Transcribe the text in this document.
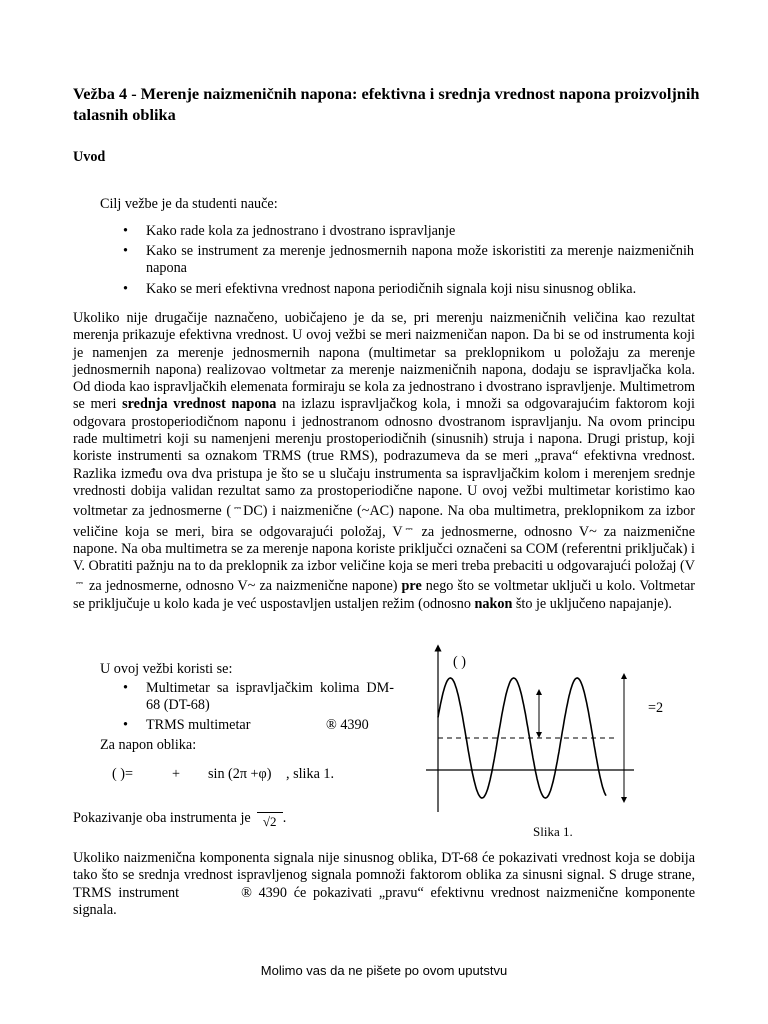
Vežba 4 - Merenje naizmeničnih napona: efektivna i srednja vrednost napona proizvoljnih talasnih oblika
Uvod
Cilj vežbe je da studenti nauče:
• Kako rade kola za jednostrano i dvostrano ispravljanje
• Kako se instrument za merenje jednosmernih napona može iskoristiti za merenje naizmeničnih napona
• Kako se meri efektivna vrednost napona periodičnih signala koji nisu sinusnog oblika.
Ukoliko nije drugačije naznačeno, uobičajeno je da se, pri merenju naizmeničnih veličina kao rezultat merenja prikazuje efektivna vrednost. U ovoj vežbi se meri naizmeničan napon. Da bi se od instrumenta koji je namenjen za merenje jednosmernih napona (multimetar sa preklopnikom u položaju za merenje jednosmernih napona) realizovao voltmetar za merenje naizmeničnih napona, dodaju se ispravljačka kola. Od dioda kao ispravljačkih elemenata formiraju se kola za jednostrano i dvostrano ispravljenje. Multimetrom se meri srednja vrednost napona na izlazu ispravljačkog kola, i množi sa odgovarajućim faktorom koji odgovara prostoperiodičnom naponu i jednostranom odnosno dvostranom ispravljanju. Na ovom principu rade multimetri koji su namenjeni merenju prostoperiodičnih (sinusnih) struja i napona. Drugi pristup, koji koriste instrumenti sa oznakom TRMS (true RMS), podrazumeva da se meri „prava“ efektivna vrednost. Razlika između ova dva pristupa je što se u slučaju instrumenta sa ispravljačkim kolom i merenjem srednje vrednosti dobija validan rezultat samo za prostoperiodične napone. U ovoj vežbi multimetar koristimo kao voltmetar za jednosmerne ( ⎓ DC) i naizmenične (~AC) napone. Na oba multimetra, preklopnikom za izbor veličine koja se meri, bira se odgovarajući položaj, V ⎓ za jednosmerne, odnosno V~ za naizmenične napone. Na oba multimetra se za merenje napona koriste priključci označeni sa COM (referentni priključak) i V. Obratiti pažnju na to da preklopnik za izbor veličine koja se meri treba prebaciti u odgovarajući položaj (V⎓ za jednosmerne, odnosno V~ za naizmenične napone) pre nego što se voltmetar uključi u kolo. Voltmetar se priključuje u kolo kada je već uspostavljen ustaljen režim (odnosno nakon što je uključeno napajanje).
U ovoj vežbi koristi se:
• Multimetar sa ispravljačkim kolima DM-68 (DT-68)
• TRMS multimetar	® 4390
Za napon oblika:
( )=	+ sin (2π +φ) , slika 1.
Pokazivanje oba instrumenta je √2 .
( )
=2
Slika 1.
Ukoliko naizmenična komponenta signala nije sinusnog oblika, DT-68 će pokazivati vrednost koja se dobija tako što se srednja vrednost ispravljenog signala pomnoži faktorom oblika za sinusni signal. S druge strane, TRMS instrument	® 4390 će pokazivati „pravu“ efektivnu vrednost naizmenične komponente signala.
Molimo vas da ne pišete po ovom uputstvu
